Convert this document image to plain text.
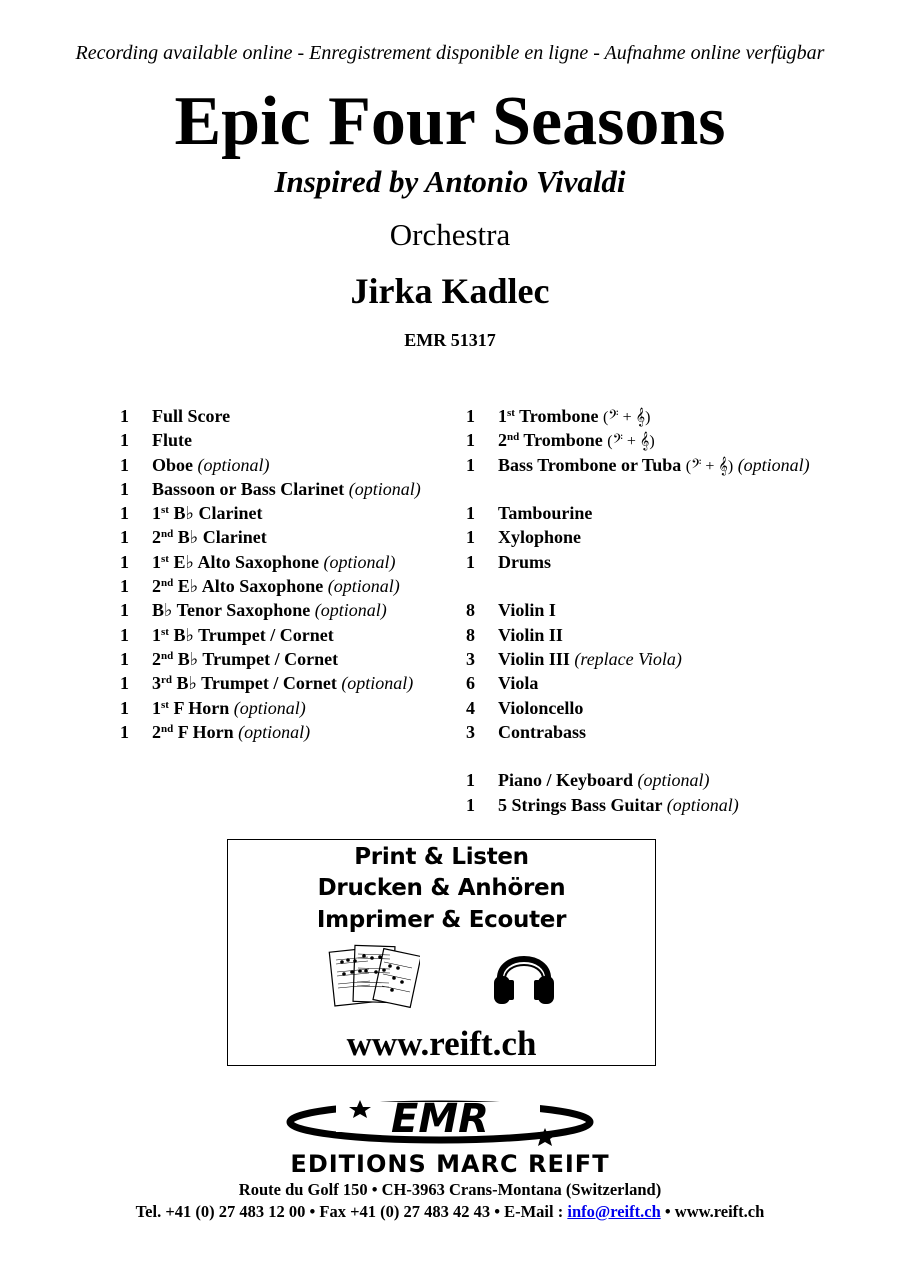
Recording available online - Enregistrement disponible en ligne - Aufnahme online verfügbar
Epic Four Seasons
Inspired by Antonio Vivaldi
Orchestra
Jirka Kadlec
EMR 51317
1 Full Score
1 Flute
1 Oboe (optional)
1 Bassoon or Bass Clarinet (optional)
1 1st B♭ Clarinet
1 2nd B♭ Clarinet
1 1st E♭ Alto Saxophone (optional)
1 2nd E♭ Alto Saxophone (optional)
1 B♭ Tenor Saxophone (optional)
1 1st B♭ Trumpet / Cornet
1 2nd B♭ Trumpet / Cornet
1 3rd B♭ Trumpet / Cornet (optional)
1 1st F Horn (optional)
1 2nd F Horn (optional)
1 1st Trombone (𝄢 + 𝄞)
1 2nd Trombone (𝄢 + 𝄞)
1 Bass Trombone or Tuba (𝄢 + 𝄞) (optional)
1 Tambourine
1 Xylophone
1 Drums
8 Violin I
8 Violin II
3 Violin III (replace Viola)
6 Viola
4 Violoncello
3 Contrabass
1 Piano / Keyboard (optional)
1 5 Strings Bass Guitar (optional)
Print & Listen
Drucken & Anhören
Imprimer & Ecouter
www.reift.ch
EMR
EDITIONS MARC REIFT
Route du Golf 150 • CH-3963 Crans-Montana (Switzerland)
Tel. +41 (0) 27 483 12 00 • Fax +41 (0) 27 483 42 43 • E-Mail : info@reift.ch • www.reift.ch
